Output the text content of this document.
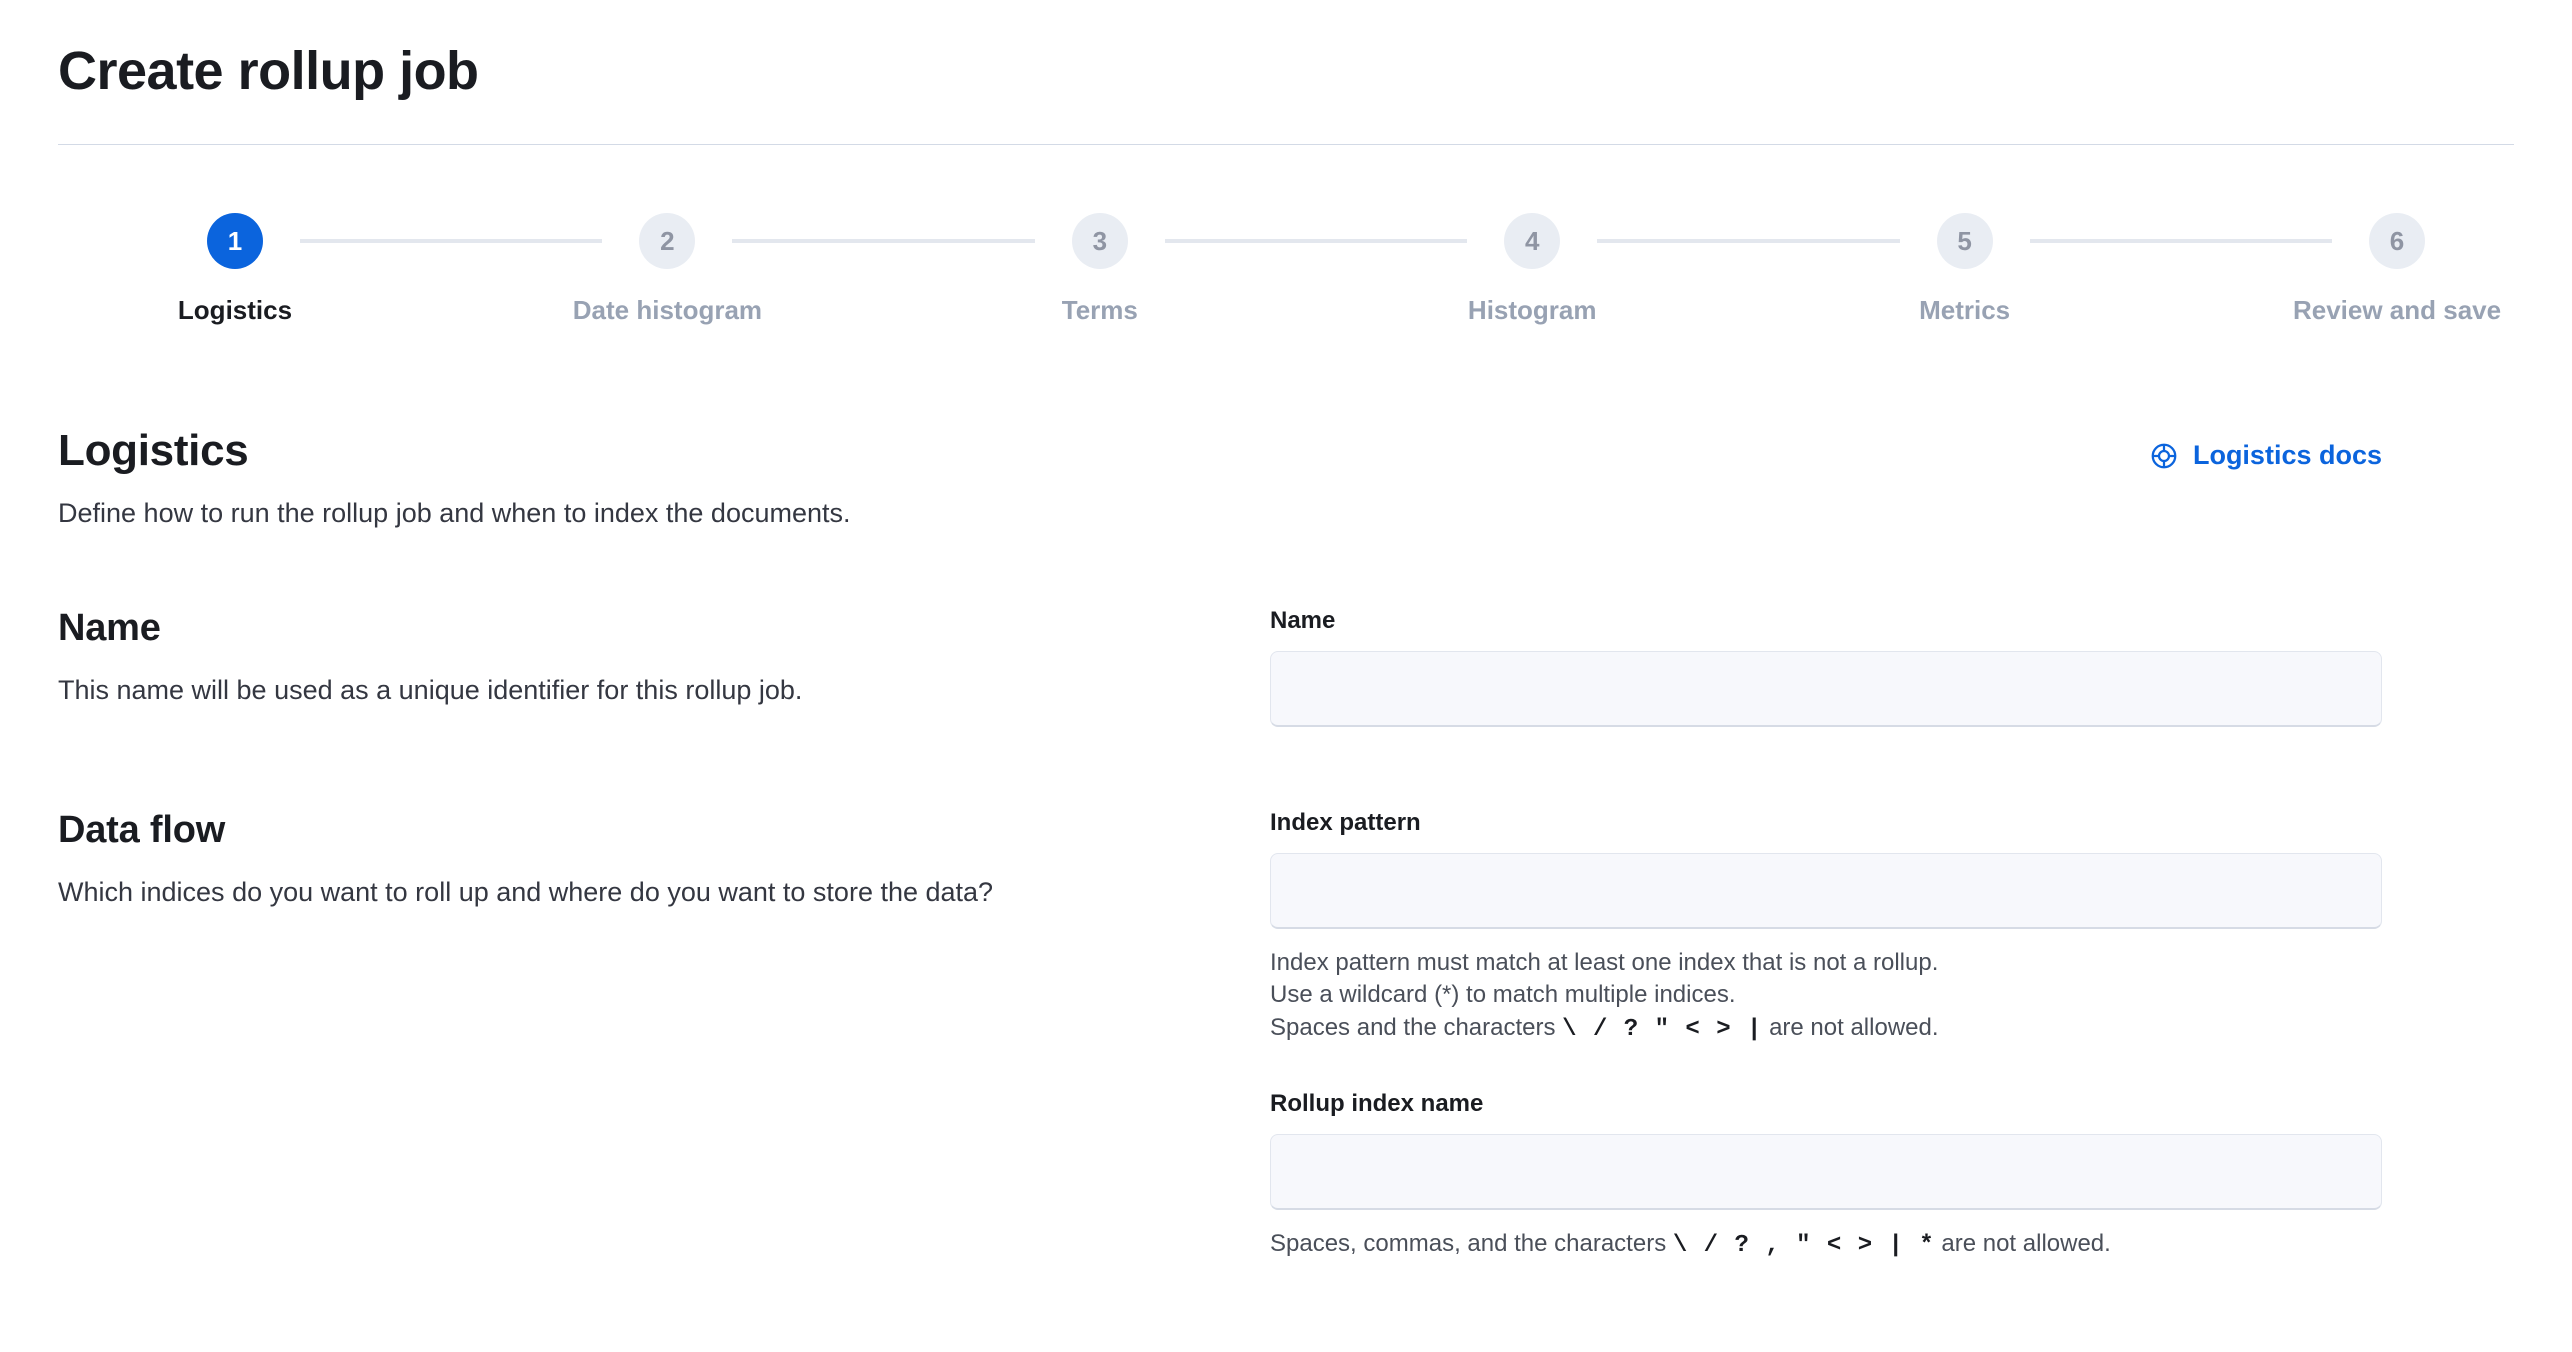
Create rollup job
1
Logistics
2
Date histogram
3
Terms
4
Histogram
5
Metrics
6
Review and save
Logistics
Define how to run the rollup job and when to index the documents.
Logistics docs
Name
This name will be used as a unique identifier for this rollup job.
Name
Data flow
Which indices do you want to roll up and where do you want to store the data?
Index pattern
Index pattern must match at least one index that is not a rollup.
Use a wildcard (*) to match multiple indices.
Spaces and the characters \ / ? " < > | are not allowed.
Rollup index name
Spaces, commas, and the characters \ / ? , " < > | * are not allowed.
